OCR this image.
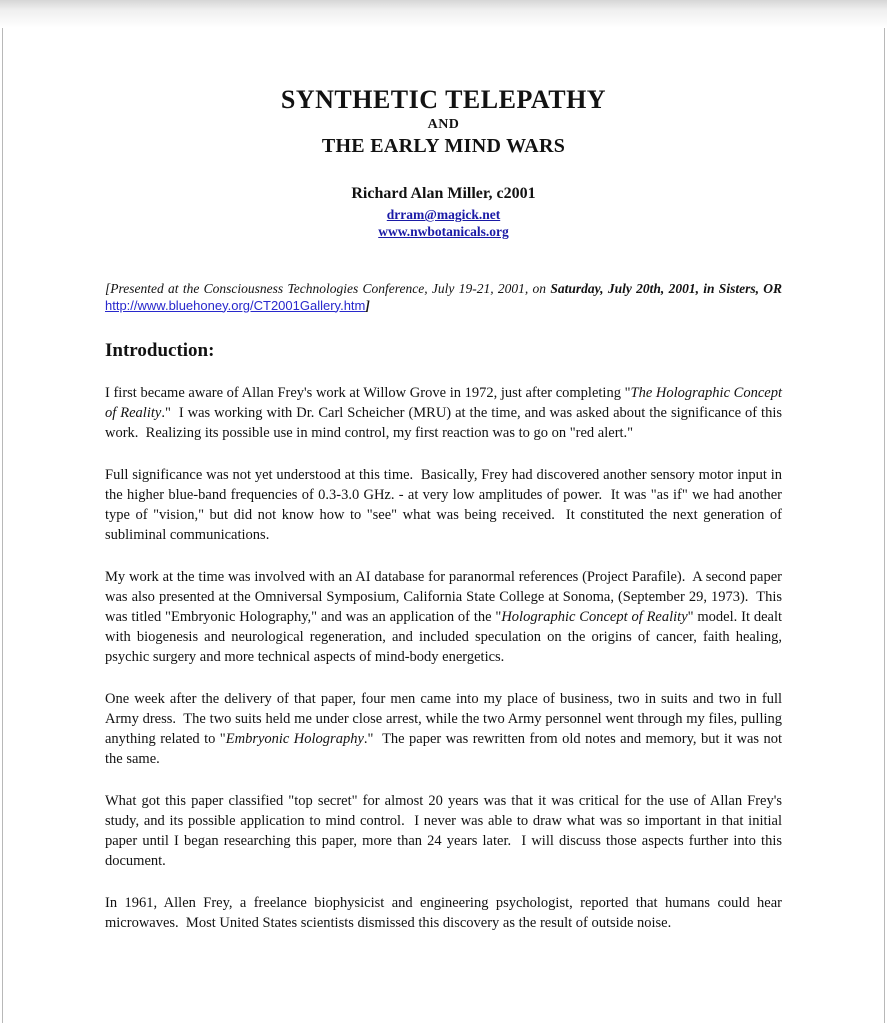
SYNTHETIC TELEPATHY
AND
THE EARLY MIND WARS
Richard Alan Miller, c2001
drram@magick.net
www.nwbotanicals.org
[Presented at the Consciousness Technologies Conference, July 19-21, 2001, on Saturday, July 20th, 2001, in Sisters, OR  http://www.bluehoney.org/CT2001Gallery.htm]
Introduction:

I first became aware of Allan Frey's work at Willow Grove in 1972, just after completing "The Holographic Concept of Reality."  I was working with Dr. Carl Scheicher (MRU) at the time, and was asked about the significance of this work.  Realizing its possible use in mind control, my first reaction was to go on "red alert."

Full significance was not yet understood at this time.  Basically, Frey had discovered another sensory motor input in the higher blue-band frequencies of 0.3-3.0 GHz. - at very low amplitudes of power.  It was "as if" we had another type of "vision," but did not know how to "see" what was being received.  It constituted the next generation of subliminal communications.

My work at the time was involved with an AI database for paranormal references (Project Parafile).  A second paper was also presented at the Omniversal Symposium, California State College at Sonoma, (September 29, 1973).  This was titled "Embryonic Holography," and was an application of the "Holographic Concept of Reality" model. It dealt with biogenesis and neurological regeneration, and included speculation on the origins of cancer, faith healing, psychic surgery and more technical aspects of mind-body energetics.

One week after the delivery of that paper, four men came into my place of business, two in suits and two in full Army dress.  The two suits held me under close arrest, while the two Army personnel went through my files, pulling anything related to "Embryonic Holography."  The paper was rewritten from old notes and memory, but it was not the same.

What got this paper classified "top secret" for almost 20 years was that it was critical for the use of Allan Frey's study, and its possible application to mind control.  I never was able to draw what was so important in that initial paper until I began researching this paper, more than 24 years later.  I will discuss those aspects further into this document.

In 1961, Allen Frey, a freelance biophysicist and engineering psychologist, reported that humans could hear microwaves.  Most United States scientists dismissed this discovery as the result of outside noise.
